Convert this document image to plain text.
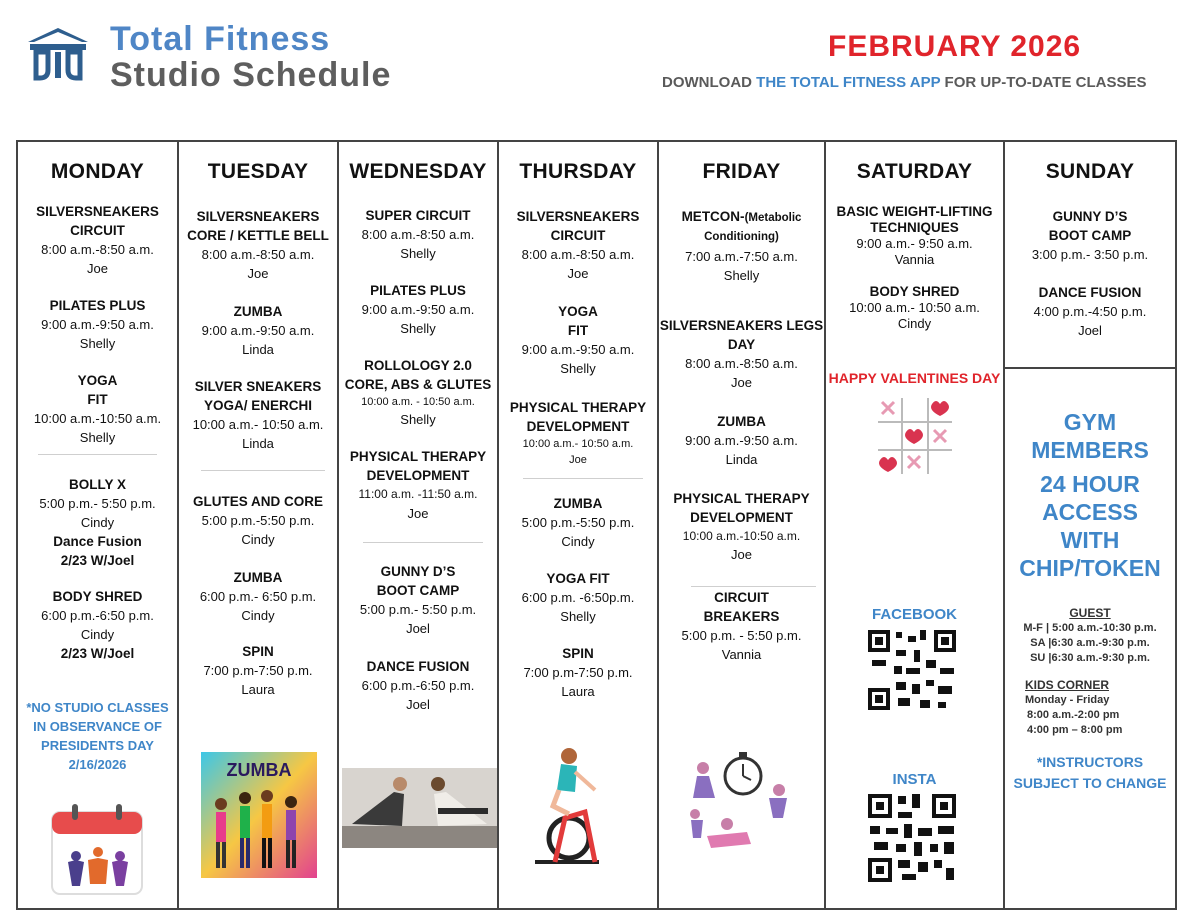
Total Fitness
Studio Schedule
FEBRUARY 2026
DOWNLOAD THE TOTAL FITNESS APP FOR UP-TO-DATE CLASSES
MONDAY
SILVERSNEAKERS
CIRCUIT
8:00 a.m.-8:50 a.m.
Joe
PILATES PLUS
9:00 a.m.-9:50 a.m.
Shelly
YOGA
FIT
10:00 a.m.-10:50 a.m.
Shelly
BOLLY X
5:00 p.m.- 5:50 p.m.
Cindy
Dance Fusion
2/23 W/Joel
BODY SHRED
6:00 p.m.-6:50 p.m.
Cindy
2/23 W/Joel
*NO STUDIO CLASSES
IN OBSERVANCE OF
PRESIDENTS DAY
2/16/2026
TUESDAY
SILVERSNEAKERS
CORE / KETTLE BELL
8:00 a.m.-8:50 a.m.
Joe
ZUMBA
9:00 a.m.-9:50 a.m.
Linda
SILVER SNEAKERS
YOGA/ ENERCHI
10:00 a.m.- 10:50 a.m.
Linda
GLUTES AND CORE
5:00 p.m.-5:50 p.m.
Cindy
ZUMBA
6:00 p.m.- 6:50 p.m.
Cindy
SPIN
7:00 p.m-7:50 p.m.
Laura
ZUMBA
WEDNESDAY
SUPER CIRCUIT
8:00 a.m.-8:50 a.m.
Shelly
PILATES PLUS
9:00 a.m.-9:50 a.m.
Shelly
ROLLOLOGY 2.0
CORE, ABS & GLUTES
10:00 a.m. - 10:50 a.m.
Shelly
PHYSICAL THERAPY
DEVELOPMENT
11:00 a.m. -11:50 a.m.
Joe
GUNNY D’S
BOOT CAMP
5:00 p.m.- 5:50 p.m.
Joel
DANCE FUSION
6:00 p.m.-6:50 p.m.
Joel
THURSDAY
SILVERSNEAKERS
CIRCUIT
8:00 a.m.-8:50 a.m.
Joe
YOGA
FIT
9:00 a.m.-9:50 a.m.
Shelly
PHYSICAL THERAPY
DEVELOPMENT
10:00 a.m.- 10:50 a.m.
Joe
ZUMBA
5:00 p.m.-5:50 p.m.
Cindy
YOGA FIT
6:00 p.m. -6:50p.m.
Shelly
SPIN
7:00 p.m-7:50 p.m.
Laura
FRIDAY
METCON-(Metabolic
Conditioning)
7:00 a.m.-7:50 a.m.
Shelly
SILVERSNEAKERS LEGS
DAY
8:00 a.m.-8:50 a.m.
Joe
ZUMBA
9:00 a.m.-9:50 a.m.
Linda
PHYSICAL THERAPY
DEVELOPMENT
10:00 a.m.-10:50 a.m.
Joe
CIRCUIT
BREAKERS
5:00 p.m. - 5:50 p.m.
Vannia
SATURDAY
BASIC WEIGHT-LIFTING
TECHNIQUES
9:00 a.m.- 9:50 a.m.
Vannia
BODY SHRED
10:00 a.m.- 10:50 a.m.
Cindy
HAPPY VALENTINES DAY
FACEBOOK
INSTA
SUNDAY
GUNNY D’S
BOOT CAMP
3:00 p.m.- 3:50 p.m.
DANCE FUSION
4:00 p.m.-4:50 p.m.
Joel
GYM
MEMBERS
24 HOUR
ACCESS
WITH
CHIP/TOKEN
GUEST
M-F | 5:00 a.m.-10:30 p.m.
SA |6:30 a.m.-9:30 p.m.
SU |6:30 a.m.-9:30 p.m.
KIDS CORNER
Monday - Friday
8:00 a.m.-2:00 pm
4:00 pm – 8:00 pm
*INSTRUCTORS
SUBJECT TO CHANGE
